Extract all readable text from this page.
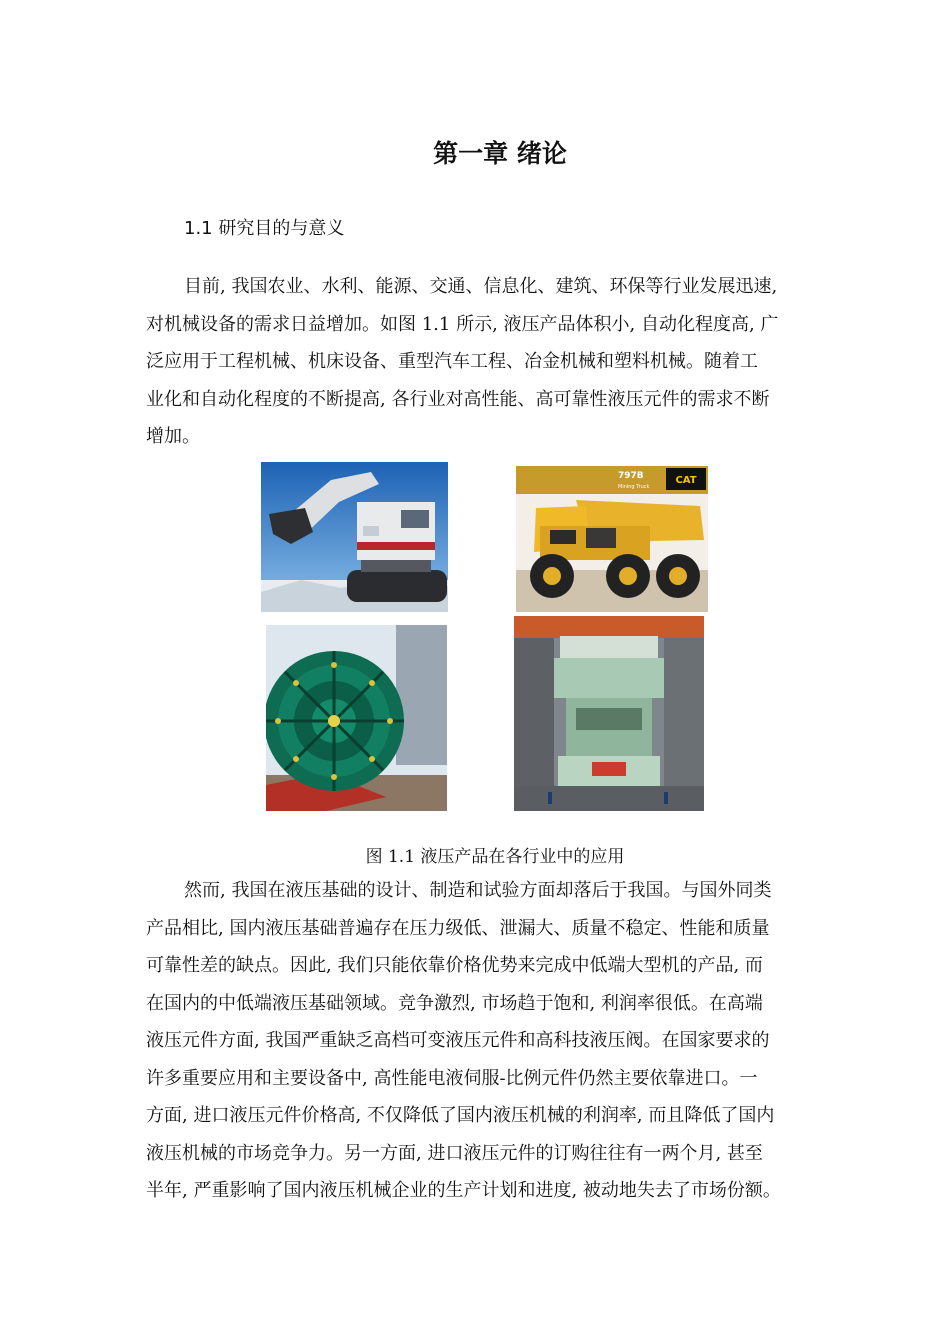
第一章 绪论
1.1 研究目的与意义
目前, 我国农业、水利、能源、交通、信息化、建筑、环保等行业发展迅速,
对机械设备的需求日益增加。如图 1.1 所示, 液压产品体积小, 自动化程度高, 广
泛应用于工程机械、机床设备、重型汽车工程、冶金机械和塑料机械。随着工
业化和自动化程度的不断提高, 各行业对高性能、高可靠性液压元件的需求不断
增加。
CAT
797B
Mining Truck
图 1.1 液压产品在各行业中的应用
然而, 我国在液压基础的设计、制造和试验方面却落后于我国。与国外同类
产品相比, 国内液压基础普遍存在压力级低、泄漏大、质量不稳定、性能和质量
可靠性差的缺点。因此, 我们只能依靠价格优势来完成中低端大型机的产品, 而
在国内的中低端液压基础领域。竞争激烈, 市场趋于饱和, 利润率很低。在高端
液压元件方面, 我国严重缺乏高档可变液压元件和高科技液压阀。在国家要求的
许多重要应用和主要设备中, 高性能电液伺服-比例元件仍然主要依靠进口。一
方面, 进口液压元件价格高, 不仅降低了国内液压机械的利润率, 而且降低了国内
液压机械的市场竞争力。另一方面, 进口液压元件的订购往往有一两个月, 甚至
半年, 严重影响了国内液压机械企业的生产计划和进度, 被动地失去了市场份额。
